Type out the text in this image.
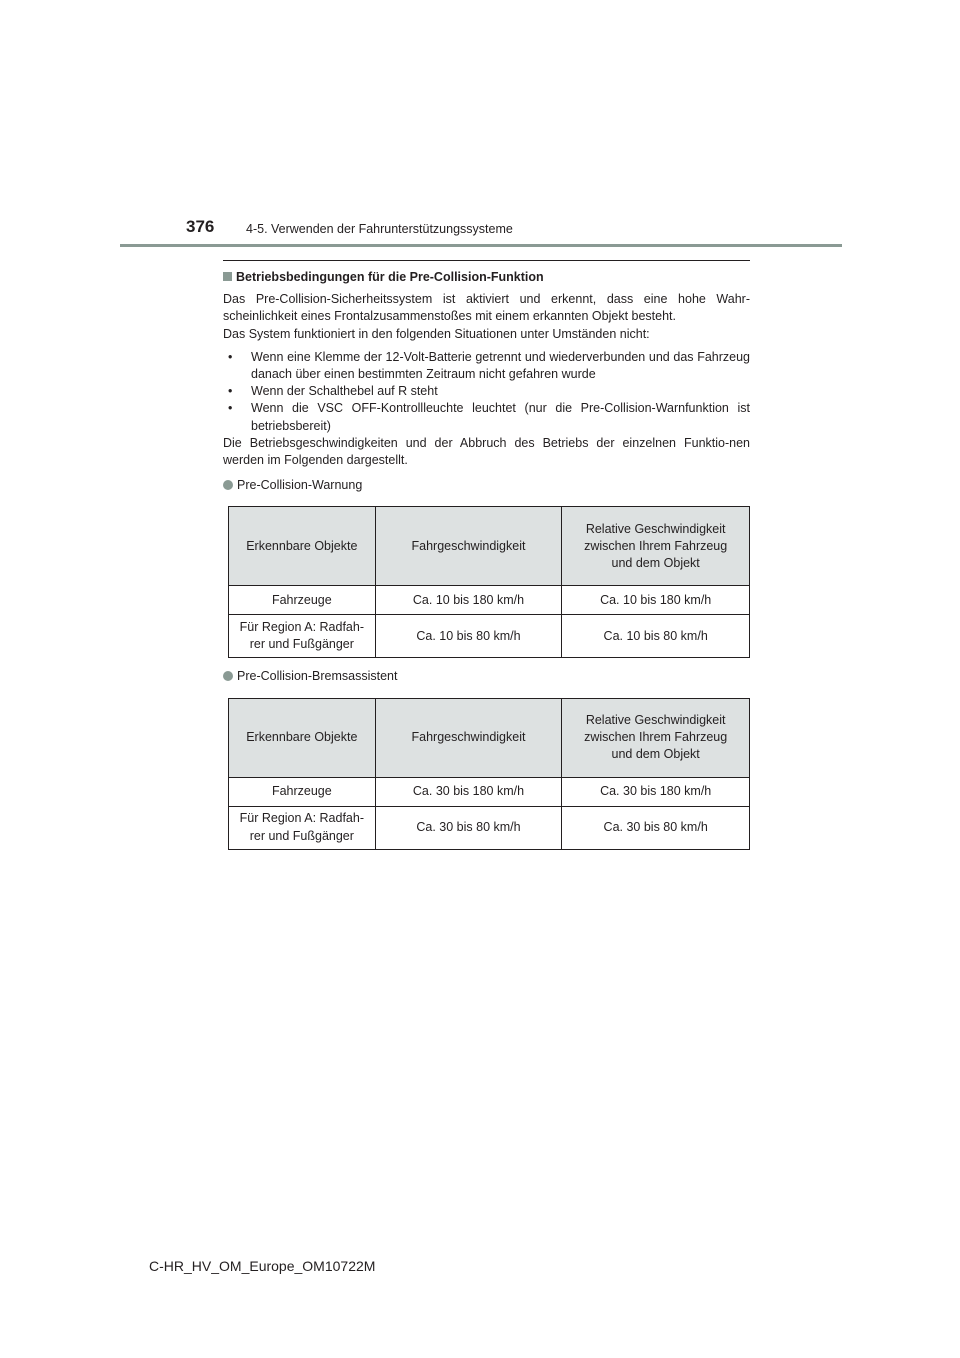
376	4-5. Verwenden der Fahrunterstützungssysteme
Betriebsbedingungen für die Pre-Collision-Funktion

Das Pre-Collision-Sicherheitssystem ist aktiviert und erkennt, dass eine hohe Wahr-scheinlichkeit eines Frontalzusammenstoßes mit einem erkannten Objekt besteht.

Das System funktioniert in den folgenden Situationen unter Umständen nicht:

• Wenn eine Klemme der 12-Volt-Batterie getrennt und wiederverbunden und das Fahrzeug danach über einen bestimmten Zeitraum nicht gefahren wurde
• Wenn der Schalthebel auf R steht
• Wenn die VSC OFF-Kontrollleuchte leuchtet (nur die Pre-Collision-Warnfunktion ist betriebsbereit)

Die Betriebsgeschwindigkeiten und der Abbruch des Betriebs der einzelnen Funktio-nen werden im Folgenden dargestellt.

Pre-Collision-Warnung
Erkennbare Objekte	Fahrgeschwindigkeit	Relative Geschwindigkeit zwischen Ihrem Fahrzeug und dem Objekt
Fahrzeuge	Ca. 10 bis 180 km/h	Ca. 10 bis 180 km/h
Für Region A: Radfah-rer und Fußgänger	Ca. 10 bis 80 km/h	Ca. 10 bis 80 km/h
Pre-Collision-Bremsassistent
Erkennbare Objekte	Fahrgeschwindigkeit	Relative Geschwindigkeit zwischen Ihrem Fahrzeug und dem Objekt
Fahrzeuge	Ca. 30 bis 180 km/h	Ca. 30 bis 180 km/h
Für Region A: Radfah-rer und Fußgänger	Ca. 30 bis 80 km/h	Ca. 30 bis 80 km/h
C-HR_HV_OM_Europe_OM10722M
